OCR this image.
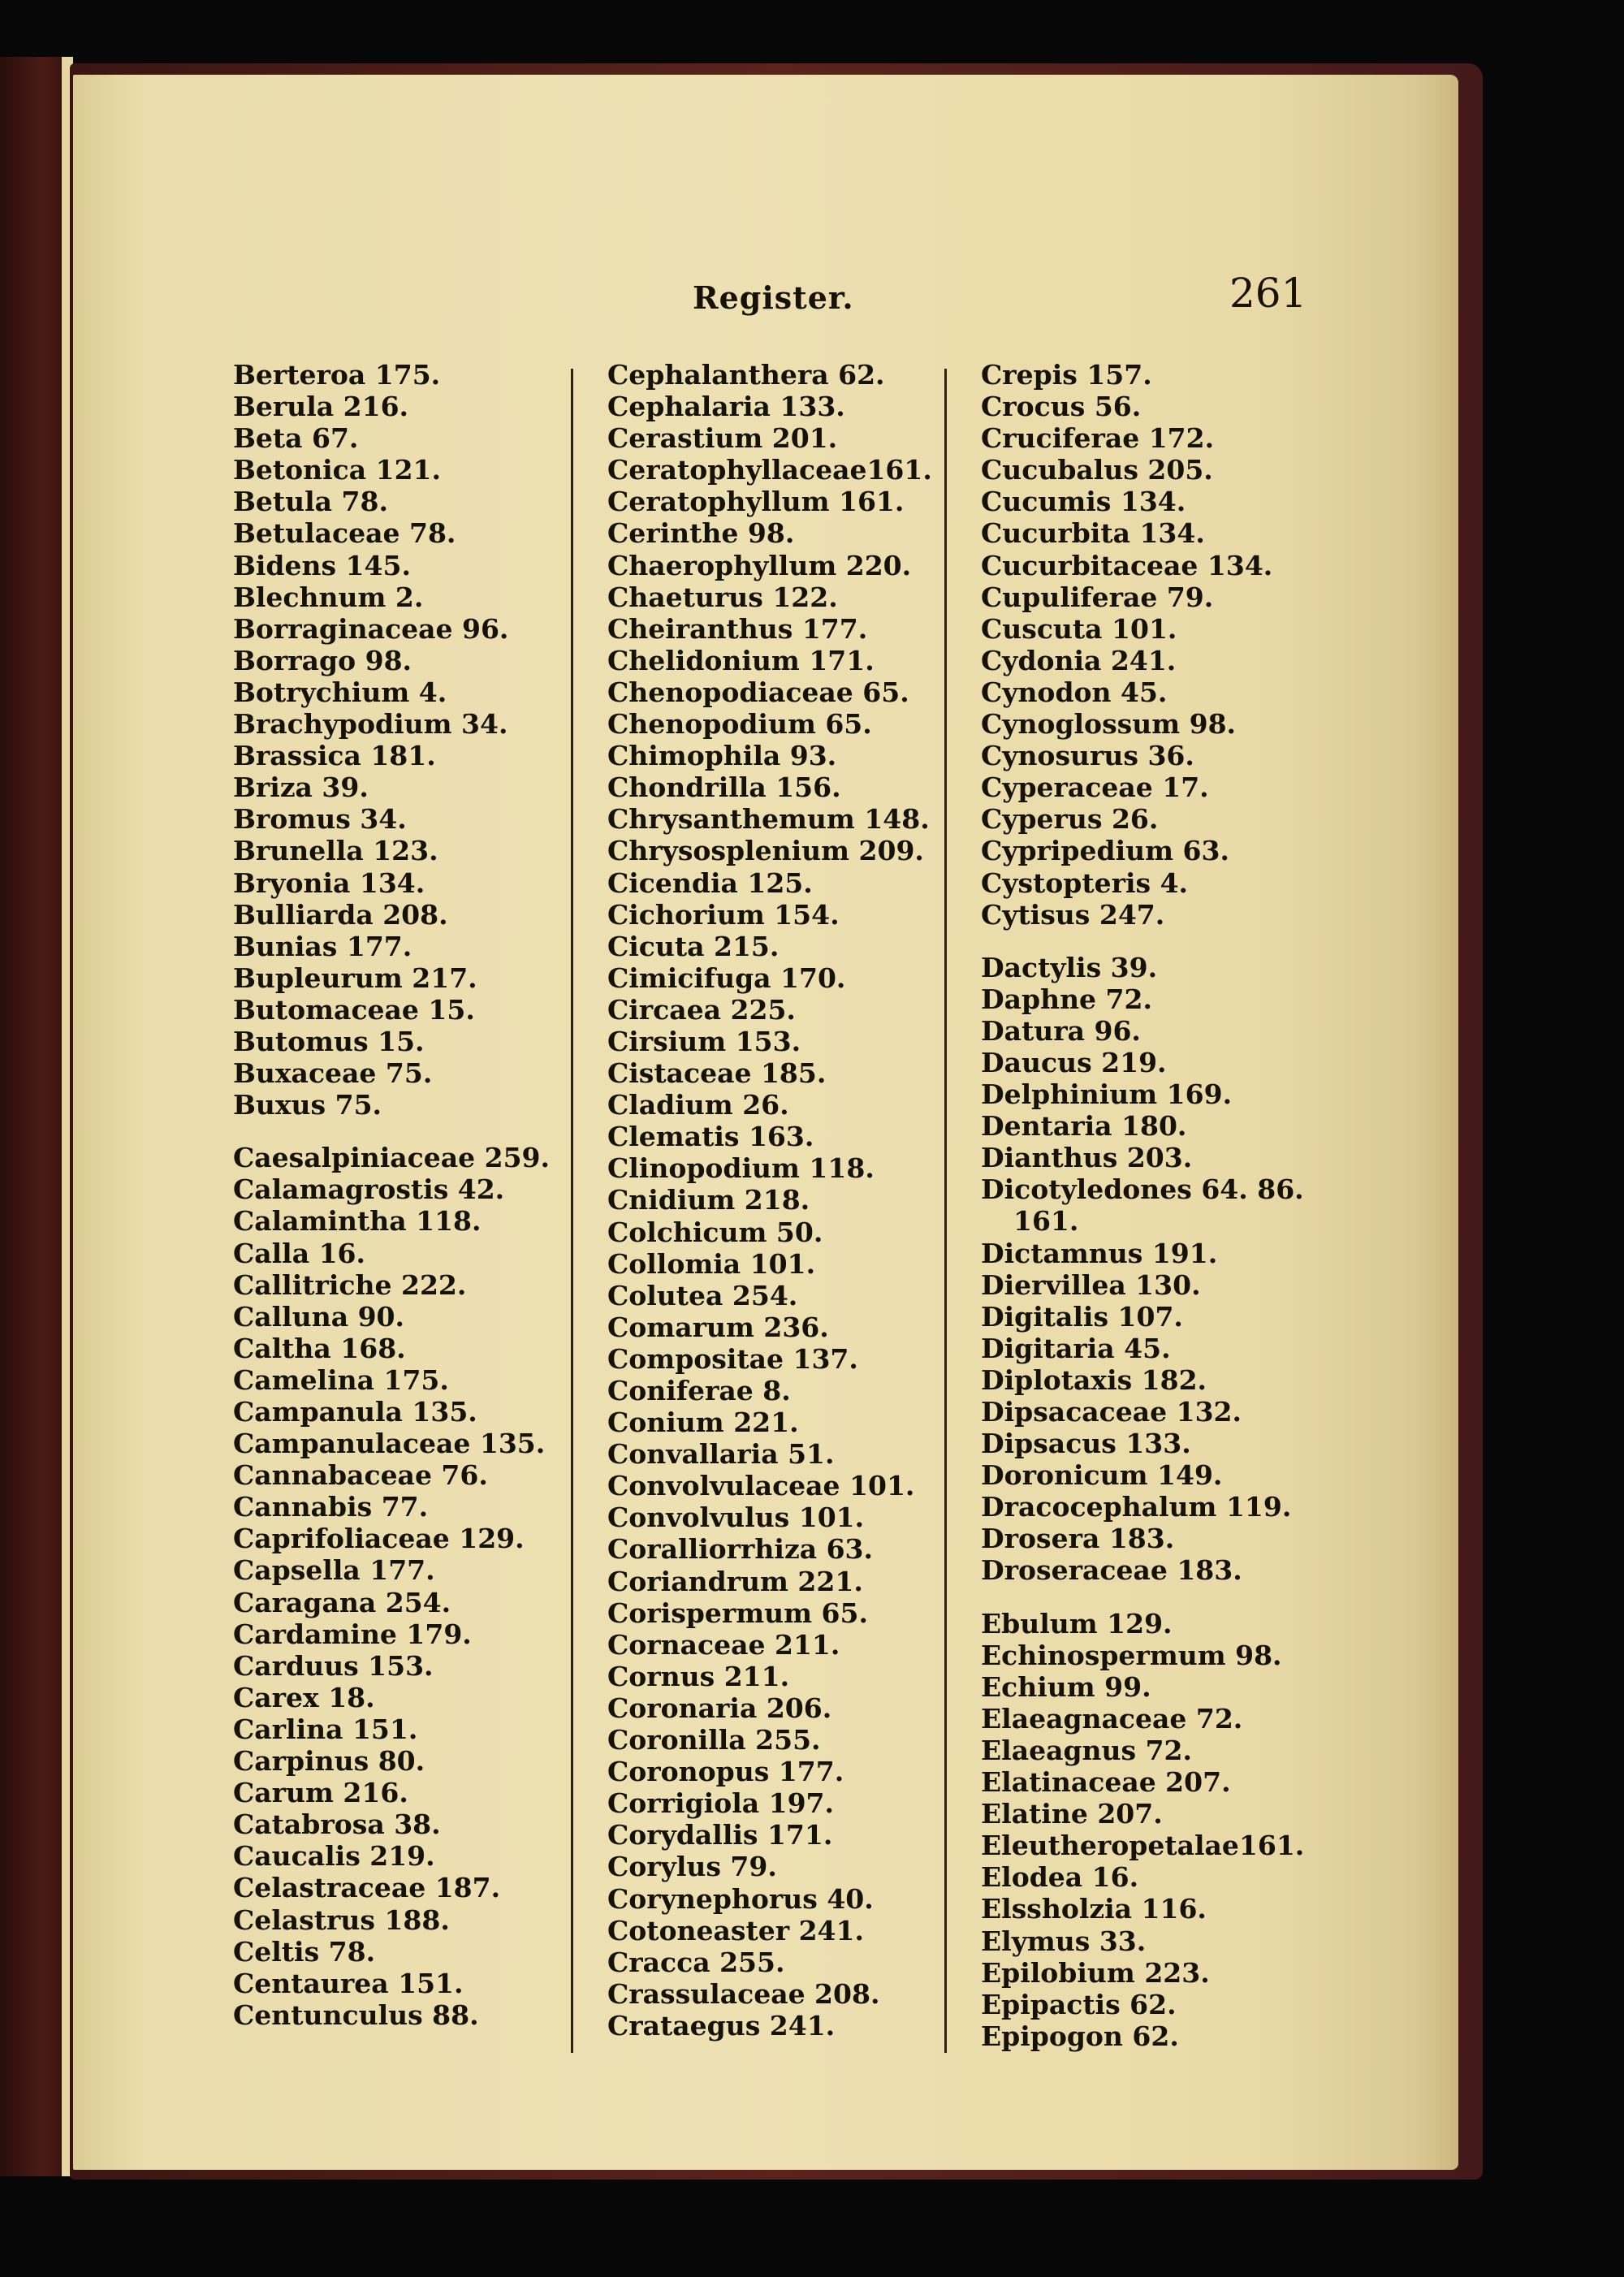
Register.	261
Berteroa 175.
Berula 216.
Beta 67.
Betonica 121.
Betula 78.
Betulaceae 78.
Bidens 145.
Blechnum 2.
Borraginaceae 96.
Borrago 98.
Botrychium 4.
Brachypodium 34.
Brassica 181.
Briza 39.
Bromus 34.
Brunella 123.
Bryonia 134.
Bulliarda 208.
Bunias 177.
Bupleurum 217.
Butomaceae 15.
Butomus 15.
Buxaceae 75.
Buxus 75.
Caesalpiniaceae 259.
Calamagrostis 42.
Calamintha 118.
Calla 16.
Callitriche 222.
Calluna 90.
Caltha 168.
Camelina 175.
Campanula 135.
Campanulaceae 135.
Cannabaceae 76.
Cannabis 77.
Caprifoliaceae 129.
Capsella 177.
Caragana 254.
Cardamine 179.
Carduus 153.
Carex 18.
Carlina 151.
Carpinus 80.
Carum 216.
Catabrosa 38.
Caucalis 219.
Celastraceae 187.
Celastrus 188.
Celtis 78.
Centaurea 151.
Centunculus 88.
Cephalanthera 62.
Cephalaria 133.
Cerastium 201.
Ceratophyllaceae161.
Ceratophyllum 161.
Cerinthe 98.
Chaerophyllum 220.
Chaeturus 122.
Cheiranthus 177.
Chelidonium 171.
Chenopodiaceae 65.
Chenopodium 65.
Chimophila 93.
Chondrilla 156.
Chrysanthemum 148.
Chrysosplenium 209.
Cicendia 125.
Cichorium 154.
Cicuta 215.
Cimicifuga 170.
Circaea 225.
Cirsium 153.
Cistaceae 185.
Cladium 26.
Clematis 163.
Clinopodium 118.
Cnidium 218.
Colchicum 50.
Collomia 101.
Colutea 254.
Comarum 236.
Compositae 137.
Coniferae 8.
Conium 221.
Convallaria 51.
Convolvulaceae 101.
Convolvulus 101.
Coralliorrhiza 63.
Coriandrum 221.
Corispermum 65.
Cornaceae 211.
Cornus 211.
Coronaria 206.
Coronilla 255.
Coronopus 177.
Corrigiola 197.
Corydallis 171.
Corylus 79.
Corynephorus 40.
Cotoneaster 241.
Cracca 255.
Crassulaceae 208.
Crataegus 241.
Crepis 157.
Crocus 56.
Cruciferae 172.
Cucubalus 205.
Cucumis 134.
Cucurbita 134.
Cucurbitaceae 134.
Cupuliferae 79.
Cuscuta 101.
Cydonia 241.
Cynodon 45.
Cynoglossum 98.
Cynosurus 36.
Cyperaceae 17.
Cyperus 26.
Cypripedium 63.
Cystopteris 4.
Cytisus 247.
Dactylis 39.
Daphne 72.
Datura 96.
Daucus 219.
Delphinium 169.
Dentaria 180.
Dianthus 203.
Dicotyledones 64. 86.
161.
Dictamnus 191.
Diervillea 130.
Digitalis 107.
Digitaria 45.
Diplotaxis 182.
Dipsacaceae 132.
Dipsacus 133.
Doronicum 149.
Dracocephalum 119.
Drosera 183.
Droseraceae 183.
Ebulum 129.
Echinospermum 98.
Echium 99.
Elaeagnaceae 72.
Elaeagnus 72.
Elatinaceae 207.
Elatine 207.
Eleutheropetalae161.
Elodea 16.
Elssholzia 116.
Elymus 33.
Epilobium 223.
Epipactis 62.
Epipogon 62.
